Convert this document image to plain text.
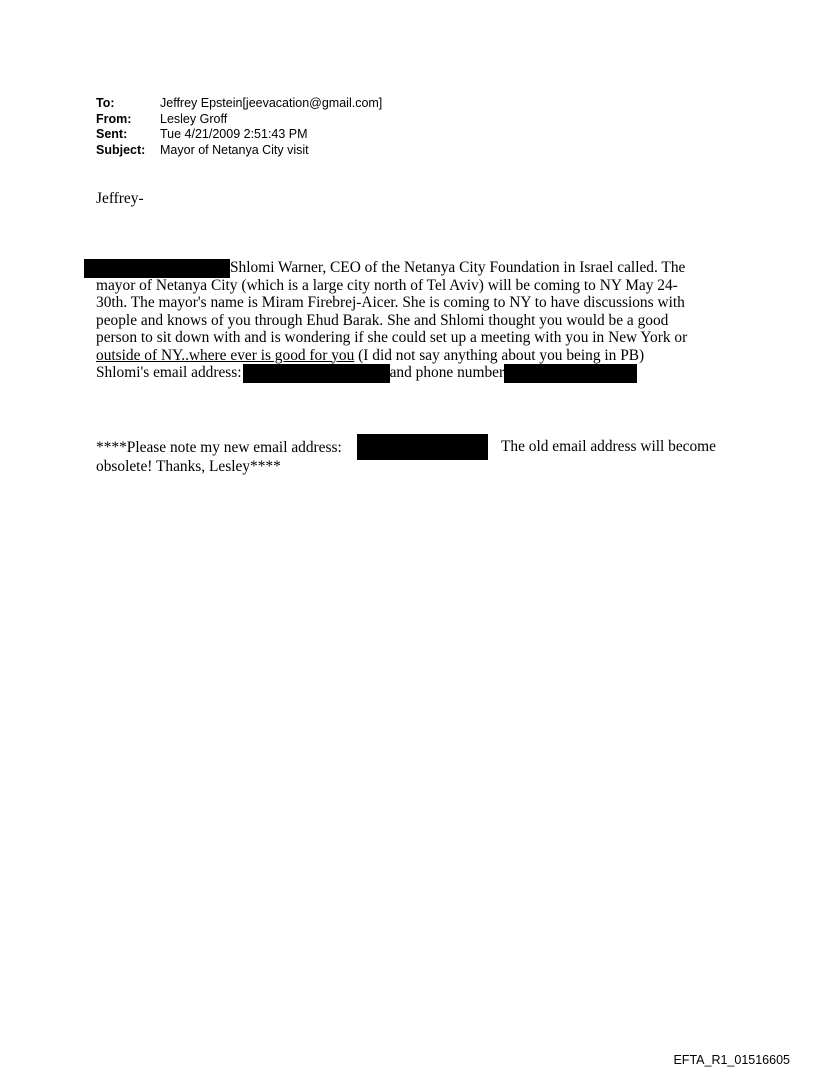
To:	Jeffrey Epstein[jeevacation@gmail.com]
From:	Lesley Groff
Sent:	Tue 4/21/2009 2:51:43 PM
Subject:	Mayor of Netanya City visit
Jeffrey-
Shlomi Warner, CEO of the Netanya City Foundation in Israel called. The
mayor of Netanya City (which is a large city north of Tel Aviv) will be coming to NY May 24-
30th. The mayor's name is Miram Firebrej-Aicer. She is coming to NY to have discussions with
people and knows of you through Ehud Barak. She and Shlomi thought you would be a good
person to sit down with and is wondering if she could set up a meeting with you in New York or
outside of NY..where ever is good for you (I did not say anything about you being in PB)
Shlomi's email address:	and phone number
****Please note my new email address:
obsolete! Thanks, Lesley****
The old email address will become
EFTA_R1_01516605
